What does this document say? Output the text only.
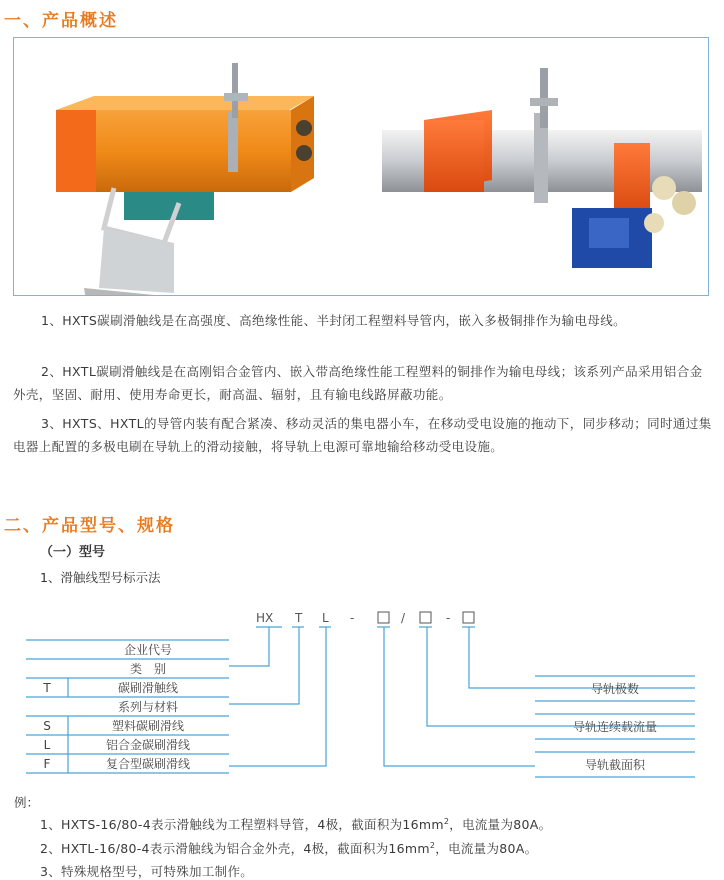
一、产品概述
1、HXTS碳刷滑触线是在高强度、高绝缘性能、半封闭工程塑料导管内，嵌入多极铜排作为输电母线。
2、HXTL碳刷滑触线是在高刚铝合金管内、嵌入带高绝缘性能工程塑料的铜排作为输电母线；该系列产品采用铝合金外壳，坚固、耐用、使用寿命更长，耐高温、辐射，且有输电线路屏蔽功能。
3、HXTS、HXTL的导管内装有配合紧凑、移动灵活的集电器小车，在移动受电设施的拖动下，同步移动；同时通过集电器上配置的多极电刷在导轨上的滑动接触，将导轨上电源可靠地输给移动受电设施。
二、产品型号、规格
（一）型号
1、滑触线型号标示法
HX T L -	/	-
企业代号
类　别
T	碳刷滑触线
系列与材料
S	塑料碳刷滑线
L	铝合金碳刷滑线
F	复合型碳刷滑线
导轨极数
导轨连续载流量
导轨截面积
例：
1、HXTS-16/80-4表示滑触线为工程塑料导管，4极，截面积为$16mm^2$，电流量为80A。
2、HXTL-16/80-4表示滑触线为铝合金外壳，4极，截面积为$16mm^2$，电流量为80A。
3、特殊规格型号，可特殊加工制作。
